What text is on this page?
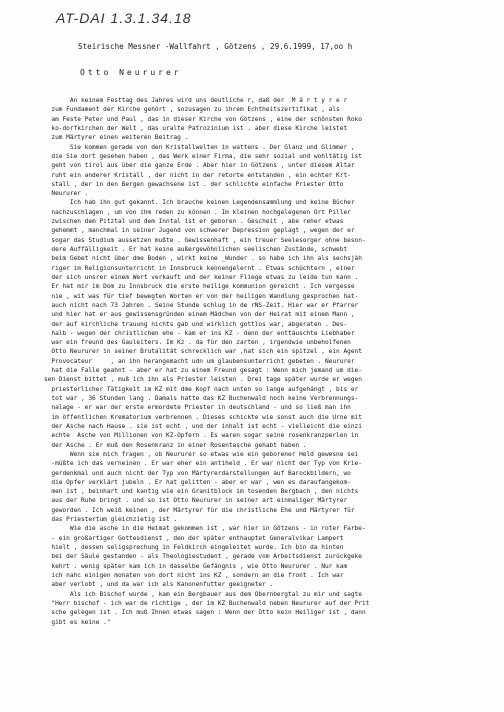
AT-DAI 1.3.1.34.18
Steirische Messner -Wallfahrt , Götzens , 29.6.1999, 17,oo h
Otto Neururer
An keinem Festtag des Jahres wird uns deutliche r, daß der  M ä r t y r e r
zum Fundament der Kirche gehört , sozusagen zu ihrem Echtheitszertifikat , als
am Feste Peter und Paul , das in dieser Kirche von Götzens , eine der schönsten Roko
ko-dorfkirchen der Welt , das uralte Patrozinium ist . aber diese Kirche leistet
zum Märtyrer einen weiteren Beitrag .
Sie kommen gerade von den Kristallwelten in wattens . Der Glanz und Glimmer ,
die Sie dort gesehen haben , das Werk einer Firma, die sehr sozial und wohltätig ist
geht von tirol aus über die ganze Erde . Aber hier in Götzens , unter diesem Altar
ruht ein anderer Kristall , der nicht in der retorte entstanden , ein echter Krt-
stall , der in den Bergen gewachsene ist . der schlichte einfache Priester Otto
Neururer .
Ich hab ihn gut gekannt. Ich brauche keinen Legendensammlung und keine Bücher
nachzuschlagen , um von ihm reden zu können . Im kleinen hochgelegenen Ort Piller
zwischen dem Pitztal und dem Inntal ist er geboren . Gescheit , abe reher etwas
gehemmt , manchmal in seiner Jugend von schwerer Depression geplagt , wegen der er
sogar das Studium aussetzen mußte . Gewissenhaft , ein treuer Seelesorger ohne beson-
dere Auffälligkeit . Er hat keine außergewöhnlichen seelischen Zustände, schwebt
beim Gebet nicht über dme Boden , wirkt keine _Wunder . so habe ich ihn als sechsjäh
riger im Religionsunterricht in Innsbruck kennengelernt . Etwas schüchtern , einer
der sich unsrer einem Wert verkauft und der keiner Fliege etwas zu leide tun kann .
Er hat mir im Dom zu Innsbruck die erste heilige kommunion gereicht . Ich vergesse
nie , wit was für tief bewegten Worten er von der heiligen Wandlung gesprochen hat-
auch nicht nach 73 Jahren . Seine Stunde schlug in de rNS-Zeit. Hier war er Pfarrer
und hier hat er aus gewissensgründen einem Mädchen von der Heirat mit einem Mann ,
der auf kirchliche trauung nichts gab und wirklich gottlos war, abgeraten . Des-
halb - wegen der christlichen ehe - kam er ins KZ - denn der enttäuschte Liebhaber
war ein freund des Gauleiters. Im Kz . da für den zarten , irgendwie unbeholfenen
Otto Neururer in seiner Brutalität schrecklich war ,hat sich ein spitzel , ein Agent
Provocateur     , an ihn herangemacht udn um glaubensunterricht gebeten . Neururer
hat die Falle geahnt - aber er hat zu einem Freund gesagt : Wenn mich jemand um die-
sen Dienst bittet , muß ich ihn als Priester leisten . Drei tage später wurde er wegen
priesterlicher Tätigkeit im KZ mit dme Kopf nach unten so lange aufgehängt , bis er
tot war , 36 Stunden lang . Damals hatte das KZ Buchenwald noch keine Verbrennungs-
nalage - er war der erste ermordete Priester in deutschland - und so ließ man ihn
im öffentlichen Krematorium verbrennen . Dieses schickte wie sonst auch die Urne mit
der Asche nach Hause . sie ist echt , und der inhalt ist echt - vielleicht die einzi
echte  Asche von Millionen von KZ-Opfern . Es waren sogar seine rosenkranzperlen in
der Asche . Er muß den Rosenkranz in einer Rosentasche gehabt haben .
Wenn sie mich fragen , ob Neururer so etwas wie ein geborener Held gewesne sei
-müßte ich das verneinen . Er war eher ein antiheld . Er war nicht der Typ von Krie-
gerdenkmal und auch nicht der Typ von Märtyrerdarstellungen auf Barockbildern, wo
die Opfer verklärt jubeln . Er hat gelitten - aber er war , wen es daraufangekom-
men ist , beinhart und kantig wie ein Granitblock im tosenden Bergbach , den nichts
aus der Ruhe bringt . und so ist Otto Neururer in seiner art einmaliger Märtyrer
geworden . Ich weiß keinen , der Märtyrer für die christliche Ehe und Märtyrer für
das Priestertum gleichzietig ist .
Wie die asche in die Heimat gekommen ist , war hier in Götzens - in roter Farbe-
- ein großartiger Gottesdienst , den der später enthauptet Generalvikar Lampert
hielt , dessen seligsprechung in Feldkirch eingeleitet wurde. Ich bin da hinten
bei der Säule gestanden - als Theologiestudent , gerade vom Arbeitsdienst zurückgeke
kehrt . wenig später kam ich in dasselbe Gefängnis , wie Otto Neururer . Nur kam
ich nahc einigen monaten von dort nicht ins KZ , sondern an die front . Ich war
aber verlobt , und da war ich als Kanonenfutter geeigneter .
Als ich Bischof wurde , kam ein Bergbauer aus dem Obernbergtal zu mir und sagte
"Herr bischof - ich war de richtige , der im KZ Buchenwald neben Neururer auf der Prit
sche gelegen ist . Ich muß Ihnen etwas sagen : Wenn der Otto kein Heiliger ist , dann
gibt es keine ."
